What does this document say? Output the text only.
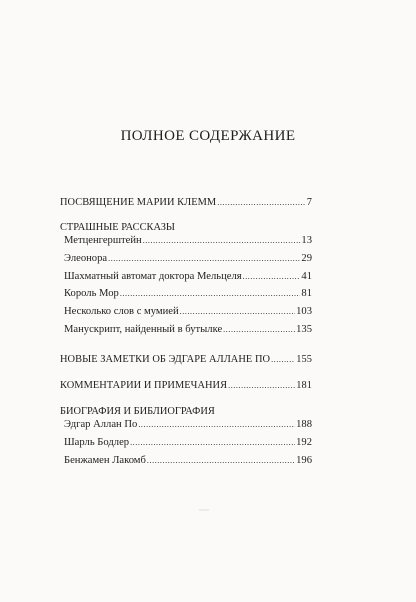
ПОЛНОЕ СОДЕРЖАНИЕ
ПОСВЯЩЕНИЕ МАРИИ КЛЕММ .....	7
СТРАШНЫЕ РАССКАЗЫ
Метценгерштейн .....	13
Элеонора .....	29
Шахматный автомат доктора Мельцеля .....	41
Король Мор .....	81
Несколько слов с мумией .....	103
Манускрипт, найденный в бутылке .....	135
НОВЫЕ ЗАМЕТКИ ОБ ЭДГАРЕ АЛЛАНЕ ПО .....	155
КОММЕНТАРИИ И ПРИМЕЧАНИЯ .....	181
БИОГРАФИЯ И БИБЛИОГРАФИЯ
Эдгар Аллан По .....	188
Шарль Бодлер .....	192
Бенжамен Лакомб .....	196
